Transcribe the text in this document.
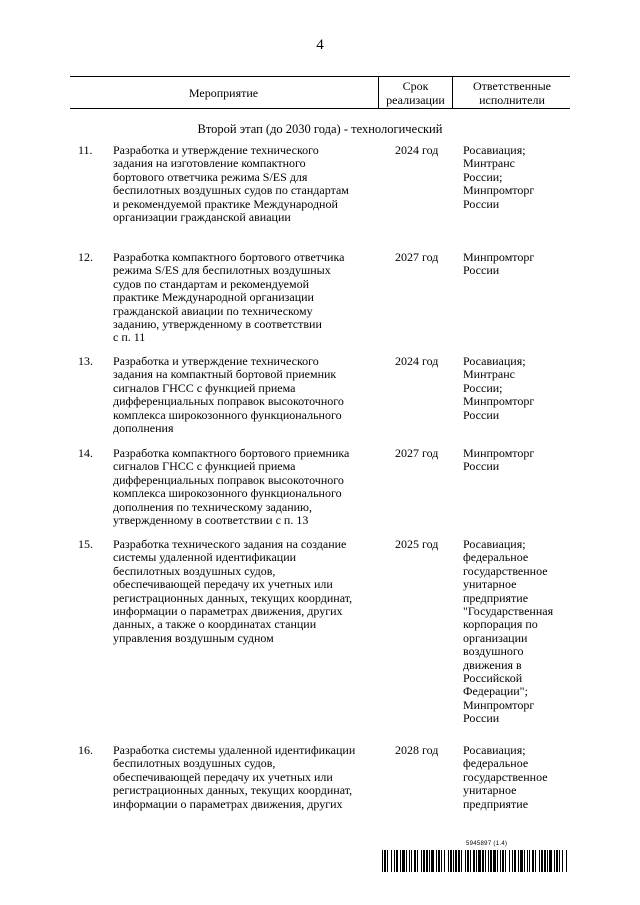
4
Мероприятие	Срок
реализации
Ответственные
исполнители
Второй этап (до 2030 года) - технологический
11. Разработка и утверждение технического
задания на изготовление компактного
бортового ответчика режима S/ES для
беспилотных воздушных судов по стандартам
и рекомендуемой практике Международной
организации гражданской авиации
2024 год Росавиация;
Минтранс
России;
Минпромторг
России
12. Разработка компактного бортового ответчика
режима S/ES для беспилотных воздушных
судов по стандартам и рекомендуемой
практике Международной организации
гражданской авиации по техническому
заданию, утвержденному в соответствии
с п. 11
2027 год Минпромторг
России
13. Разработка и утверждение технического
задания на компактный бортовой приемник
сигналов ГНСС с функцией приема
дифференциальных поправок высокоточного
комплекса широкозонного функционального
дополнения
2024 год Росавиация;
Минтранс
России;
Минпромторг
России
14. Разработка компактного бортового приемника
сигналов ГНСС с функцией приема
дифференциальных поправок высокоточного
комплекса широкозонного функционального
дополнения по техническому заданию,
утвержденному в соответствии с п. 13
2027 год Минпромторг
России
15. Разработка технического задания на создание
системы удаленной идентификации
беспилотных воздушных судов,
обеспечивающей передачу их учетных или
регистрационных данных, текущих координат,
информации о параметрах движения, других
данных, а также о координатах станции
управления воздушным судном
2025 год Росавиация;
федеральное
государственное
унитарное
предприятие
"Государственная
корпорация по
организации
воздушного
движения в
Российской
Федерации";
Минпромторг
России
16. Разработка системы удаленной идентификации
беспилотных воздушных судов,
обеспечивающей передачу их учетных или
регистрационных данных, текущих координат,
информации о параметрах движения, других
2028 год Росавиация;
федеральное
государственное
унитарное
предприятие
5945897 (1.4)
